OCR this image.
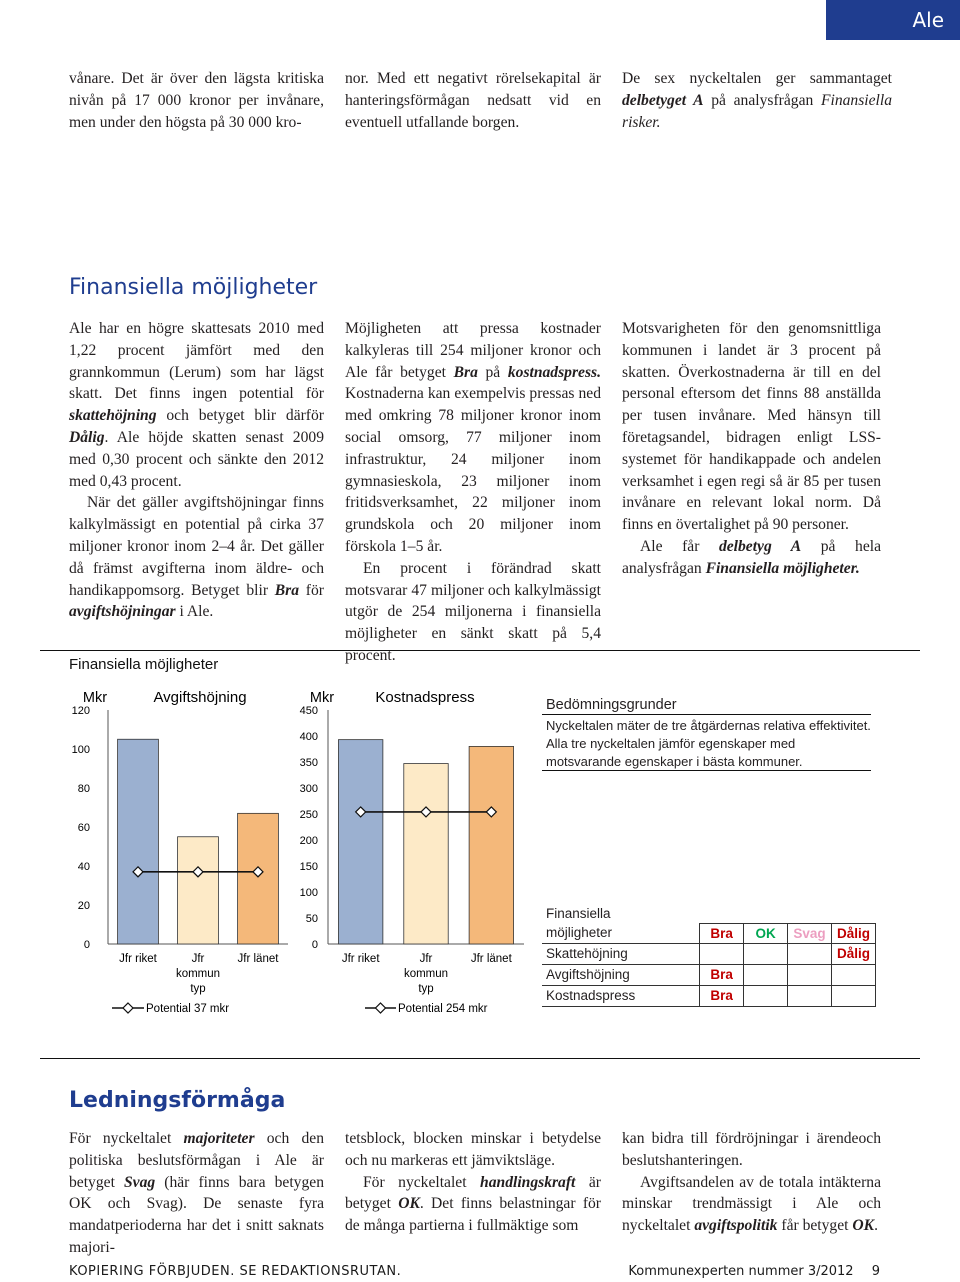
Ale

vånare. Det är över den lägsta kritiska nivån på 17 000 kronor per invånare, men under den högsta på 30 000 kro-

nor. Med ett negativt rörelsekapital är hanteringsförmågan nedsatt vid en eventuell utfallande borgen.

De sex nyckeltalen ger sammantaget delbetyget A på analysfrågan Finansiella risker.

Finansiella möjligheter

Ale har en högre skattesats 2010 med 1,22 procent jämfört med den grannkommun (Lerum) som har lägst skatt. Det finns ingen potential för skattehöjning och betyget blir därför Dålig. Ale höjde skatten senast 2009 med 0,30 procent och sänkte den 2012 med 0,43 procent.

När det gäller avgiftshöjningar finns kalkylmässigt en potential på cirka 37 miljoner kronor inom 2–4 år. Det gäller då främst avgifterna inom äldre- och handikappomsorg. Betyget blir Bra för avgiftshöjningar i Ale.

Möjligheten att pressa kostnader kalkyleras till 254 miljoner kronor och Ale får betyget Bra på kostnadspress. Kostnaderna kan exempelvis pressas ned med omkring 78 miljoner kronor inom social omsorg, 77 miljoner inom infrastruktur, 24 miljoner inom gymnasieskola, 23 miljoner inom fritidsverksamhet, 22 miljoner inom grundskola och 20 miljoner inom förskola 1–5 år.

En procent i förändrad skatt motsvarar 47 miljoner och kalkylmässigt utgör de 254 miljonerna i finansiella möjligheter en sänkt skatt på 5,4 procent.

Motsvarigheten för den genomsnittliga kommunen i landet är 3 procent på skatten. Överkostnaderna är till en del personal eftersom det finns 88 anställda per tusen invånare. Med hänsyn till företagsandel, bidragen enligt LSS-systemet för handikappade och andelen verksamhet i egen regi så är 85 per tusen invånare en relevant lokal norm. Då finns en övertalighet på 90 personer.

Ale får delbetyg A på hela analysfrågan Finansiella möjligheter.

Finansiella möjligheter
Mkr	Avgiftshöjning
0
20
40
60
80
100
120
Jfr riket	Jfr
kommun
typ
Jfr länet
Potential 37 mkr
Mkr	Kostnadspress
0
50
100
150
200
250
300
350
400
450
Jfr riket	Jfr
kommun
typ
Jfr länet
Potential 254 mkr
Bedömningsgrunder
Nyckeltalen mäter de tre åtgärdernas relativa effektivitet. Alla tre nyckeltalen jämför egenskaper med motsvarande egenskaper i bästa kommuner.
Finansiella				
möjligheter	Bra	OK	Svag	Dålig
Skattehöjning				Dålig
Avgiftshöjning	Bra			
Kostnadspress	Bra			
Ledningsförmåga

För nyckeltalet majoriteter och den politiska beslutsförmågan i Ale är betyget Svag (här finns bara betygen OK och Svag). De senaste fyra mandatperioderna har det i snitt saknats majori-

tetsblock, blocken minskar i betydelse och nu markeras ett jämviktsläge.

För nyckeltalet handlingskraft är betyget OK. Det finns belastningar för de många partierna i fullmäktige som

kan bidra till fördröjningar i ärendeoch beslutshanteringen.

Avgiftsandelen av de totala intäkterna minskar trendmässigt i Ale och nyckeltalet avgiftspolitik får betyget OK.

KOPIERING FÖRBJUDEN. SE REDAKTIONSRUTAN.	Kommunexperten nummer 3/2012 9
